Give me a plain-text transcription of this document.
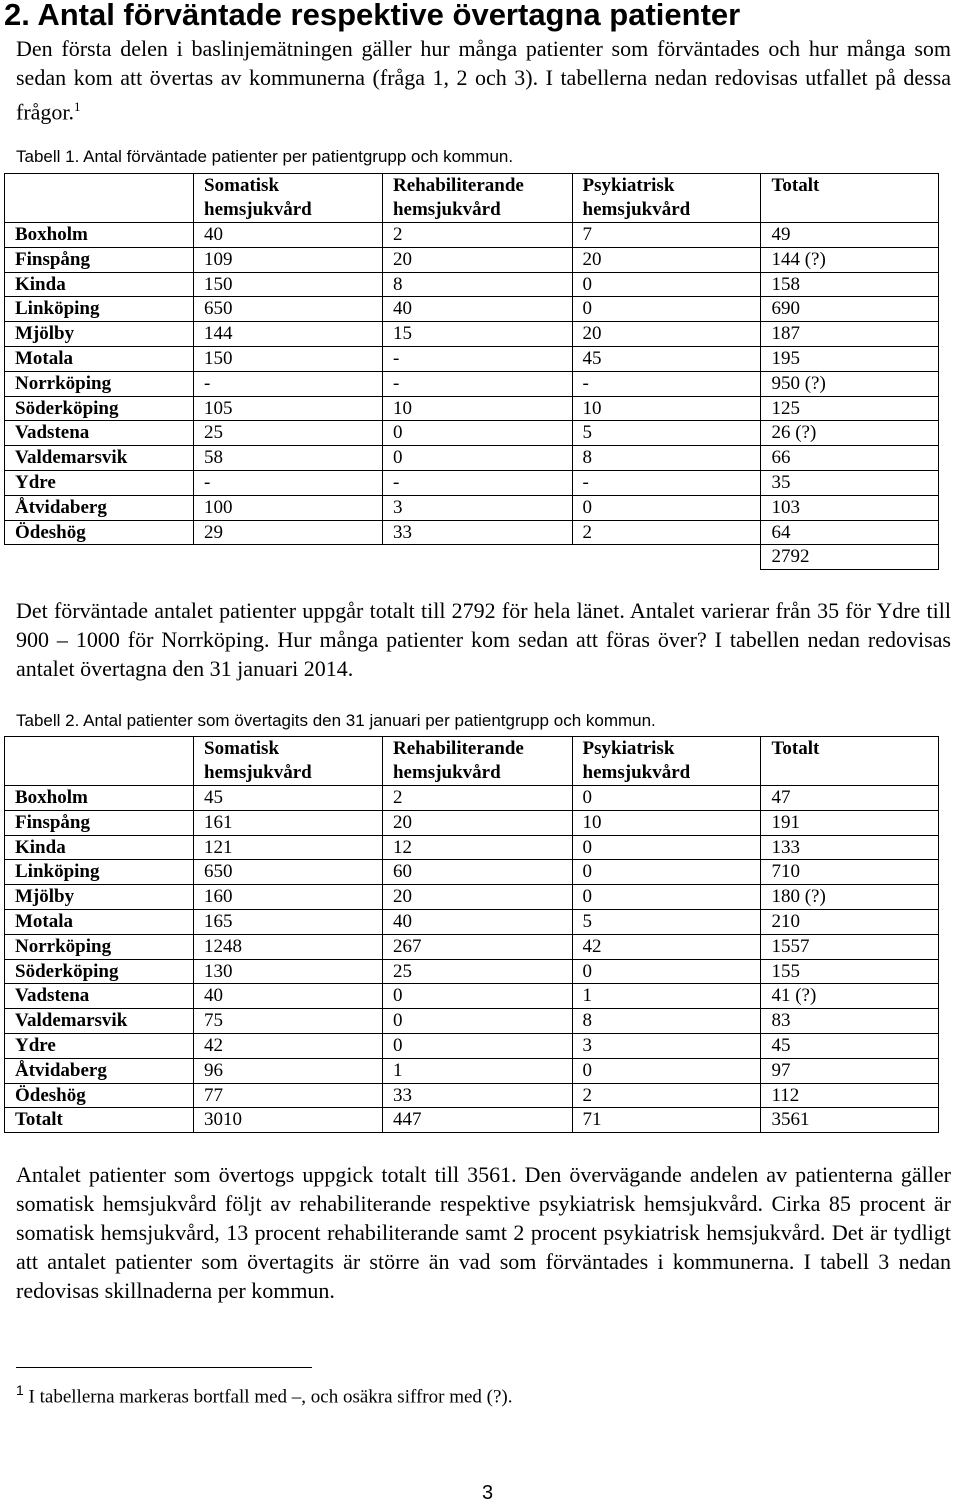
2. Antal förväntade respektive övertagna patienter

Den första delen i baslinjemätningen gäller hur många patienter som förväntades och hur många som sedan kom att övertas av kommunerna (fråga 1, 2 och 3). I tabellerna nedan redovisas utfallet på dessa frågor.$^1$

Tabell 1. Antal förväntade patienter per patientgrupp och kommun.

	Somatisk hemsjukvård	Rehabiliterande hemsjukvård	Psykiatrisk hemsjukvård	Totalt
Boxholm	40	2	7	49
Finspång	109	20	20	144 (?)
Kinda	150	8	0	158
Linköping	650	40	0	690
Mjölby	144	15	20	187
Motala	150	-	45	195
Norrköping	-	-	-	950 (?)
Söderköping	105	10	10	125
Vadstena	25	0	5	26 (?)
Valdemarsvik	58	0	8	66
Ydre	-	-	-	35
Åtvidaberg	100	3	0	103
Ödeshög	29	33	2	64
				2792

Det förväntade antalet patienter uppgår totalt till 2792 för hela länet. Antalet varierar från 35 för Ydre till 900 – 1000 för Norrköping. Hur många patienter kom sedan att föras över? I tabellen nedan redovisas antalet övertagna den 31 januari 2014.

Tabell 2. Antal patienter som övertagits den 31 januari per patientgrupp och kommun.

	Somatisk hemsjukvård	Rehabiliterande hemsjukvård	Psykiatrisk hemsjukvård	Totalt
Boxholm	45	2	0	47
Finspång	161	20	10	191
Kinda	121	12	0	133
Linköping	650	60	0	710
Mjölby	160	20	0	180 (?)
Motala	165	40	5	210
Norrköping	1248	267	42	1557
Söderköping	130	25	0	155
Vadstena	40	0	1	41 (?)
Valdemarsvik	75	0	8	83
Ydre	42	0	3	45
Åtvidaberg	96	1	0	97
Ödeshög	77	33	2	112
Totalt	3010	447	71	3561

Antalet patienter som övertogs uppgick totalt till 3561. Den övervägande andelen av patienterna gäller somatisk hemsjukvård följt av rehabiliterande respektive psykiatrisk hemsjukvård. Cirka 85 procent är somatisk hemsjukvård, 13 procent rehabiliterande samt 2 procent psykiatrisk hemsjukvård. Det är tydligt att antalet patienter som övertagits är större än vad som förväntades i kommunerna. I tabell 3 nedan redovisas skillnaderna per kommun.

$^1$ I tabellerna markeras bortfall med –, och osäkra siffror med (?).

3
